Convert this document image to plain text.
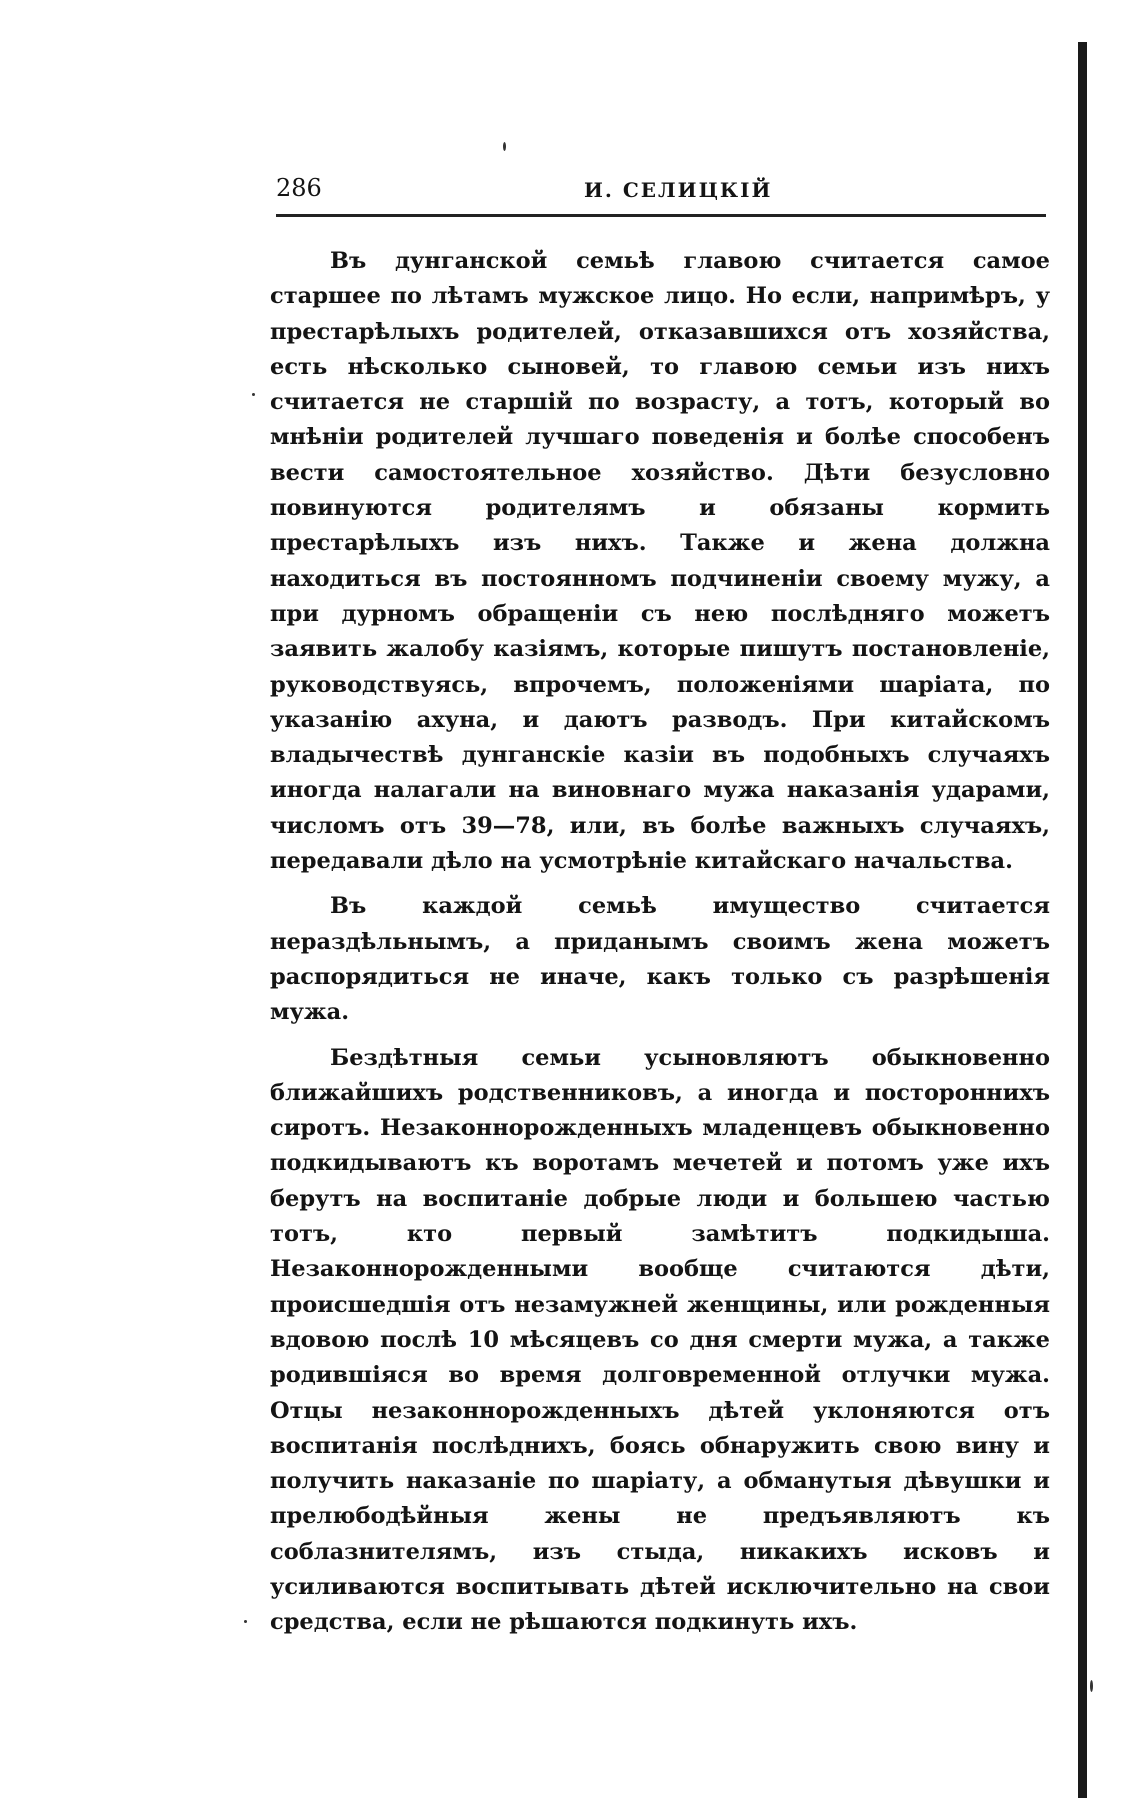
286	И. СЕЛИЦКІЙ

Въ дунганской семьѣ главою считается самое старшее по лѣтамъ мужское лицо. Но если, напримѣръ, у престарѣлыхъ родителей, отказавшихся отъ хозяйства, есть нѣсколько сыновей, то главою семьи изъ нихъ считается не старшій по возрасту, а тотъ, который во мнѣніи родителей лучшаго поведенія и болѣе способенъ вести самостоятельное хозяйство. Дѣти безусловно повинуются родителямъ и обязаны кормить престарѣлыхъ изъ нихъ. Также и жена должна находиться въ постоянномъ подчиненіи своему мужу, а при дурномъ обращеніи съ нею послѣдняго можетъ заявить жалобу казіямъ, которые пишутъ постановленіе, руководствуясь, впрочемъ, положеніями шаріата, по указанію ахуна, и даютъ разводъ. При китайскомъ владычествѣ дунганскіе казіи въ подобныхъ случаяхъ иногда налагали на виновнаго мужа наказанія ударами, числомъ отъ 39—78, или, въ болѣе важныхъ случаяхъ, передавали дѣло на усмотрѣніе китайскаго начальства.

Въ каждой семьѣ имущество считается нераздѣльнымъ, а приданымъ своимъ жена можетъ распорядиться не иначе, какъ только съ разрѣшенія мужа.

Бездѣтныя семьи усыновляютъ обыкновенно ближайшихъ родственниковъ, а иногда и постороннихъ сиротъ. Незаконнорожденныхъ младенцевъ обыкновенно подкидываютъ къ воротамъ мечетей и потомъ уже ихъ берутъ на воспитаніе добрые люди и большею частью тотъ, кто первый замѣтитъ подкидыша. Незаконнорожденными вообще считаются дѣти, происшедшія отъ незамужней женщины, или рожденныя вдовою послѣ 10 мѣсяцевъ со дня смерти мужа, а также родившіяся во время долговременной отлучки мужа. Отцы незаконнорожденныхъ дѣтей уклоняются отъ воспитанія послѣднихъ, боясь обнаружить свою вину и получить наказаніе по шаріату, а обманутыя дѣвушки и прелюбодѣйныя жены не предъявляютъ къ соблазнителямъ, изъ стыда, никакихъ исковъ и усиливаются воспитывать дѣтей исключительно на свои средства, если не рѣшаются подкинуть ихъ.
